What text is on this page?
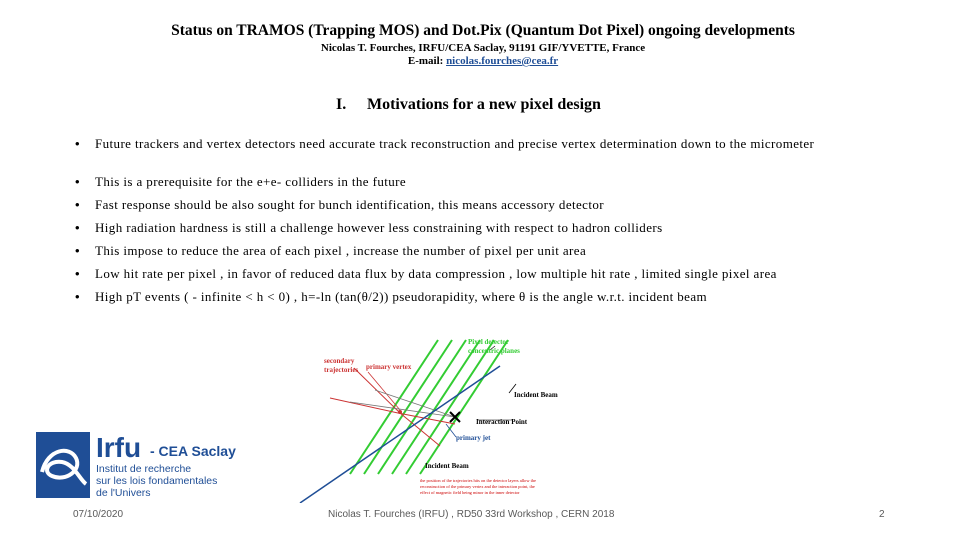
Status on TRAMOS (Trapping MOS) and Dot.Pix (Quantum Dot Pixel) ongoing developments
Nicolas T. Fourches, IRFU/CEA Saclay, 91191 GIF/YVETTE, France
E-mail: nicolas.fourches@cea.fr
I. Motivations for a new pixel design
• Future trackers and vertex detectors need accurate track reconstruction and precise vertex determination down to the micrometer
• This is a prerequisite for the e+e- colliders in the future
• Fast response should be also sought for bunch identification, this means accessory detector
• High radiation hardness is still a challenge however less constraining with respect to hadron colliders
• This impose to reduce the area of each pixel , increase the number of pixel per unit area
• Low hit rate per pixel , in favor of reduced data flux by data compression , low multiple hit rate , limited single pixel area
• High pT events ( - infinite < h < 0) , h=-ln (tan(θ/2)) pseudorapidity, where θ is the angle w.r.t. incident beam
Pixel detector
concentric planes
secondary
trajectories primary vertex
Incident Beam
Interaction Point
primary jet
Incident Beam
the position of the trajectories hits on the detector layers allow the
reconstruction of the primary vertex and the interaction point, the
effect of magnetic field being minor in the inner detector
Irfu - CEA Saclay
Institut de recherche
sur les lois fondamentales
de l'Univers
07/10/2020	Nicolas T. Fourches (IRFU) , RD50 33rd Workshop , CERN 2018	2
